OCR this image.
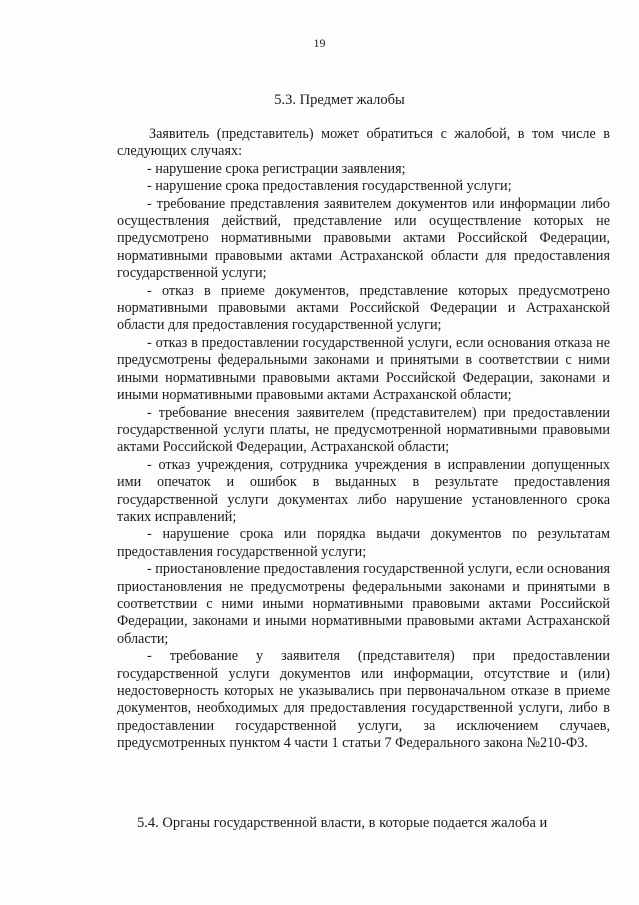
19
5.3. Предмет жалобы

Заявитель (представитель) может обратиться с жалобой, в том числе в следующих случаях:

- нарушение срока регистрации заявления;

- нарушение срока предоставления государственной услуги;

- требование представления заявителем документов или информации либо осуществления действий, представление или осуществление которых не предусмотрено нормативными правовыми актами Российской Федерации, нормативными правовыми актами Астраханской области для предоставления государственной услуги;

- отказ в приеме документов, представление которых предусмотрено нормативными правовыми актами Российской Федерации и Астраханской области для предоставления государственной услуги;

- отказ в предоставлении государственной услуги, если основания отказа не предусмотрены федеральными законами и принятыми в соответствии с ними иными нормативными правовыми актами Российской Федерации, законами и иными нормативными правовыми актами Астраханской области;

- требование внесения заявителем (представителем) при предоставлении государственной услуги платы, не предусмотренной нормативными правовыми актами Российской Федерации, Астраханской области;

- отказ учреждения, сотрудника учреждения в исправлении допущенных ими опечаток и ошибок в выданных в результате предоставления государственной услуги документах либо нарушение установленного срока таких исправлений;

- нарушение срока или порядка выдачи документов по результатам предоставления государственной услуги;

- приостановление предоставления государственной услуги, если основания приостановления не предусмотрены федеральными законами и принятыми в соответствии с ними иными нормативными правовыми актами Российской Федерации, законами и иными нормативными правовыми актами Астраханской области;

- требование у заявителя (представителя) при предоставлении государственной услуги документов или информации, отсутствие и (или) недостоверность которых не указывались при первоначальном отказе в приеме документов, необходимых для предоставления государственной услуги, либо в предоставлении государственной услуги, за исключением случаев, предусмотренных пунктом 4 части 1 статьи 7 Федерального закона №210-ФЗ.

5.4. Органы государственной власти, в которые подается жалоба и
